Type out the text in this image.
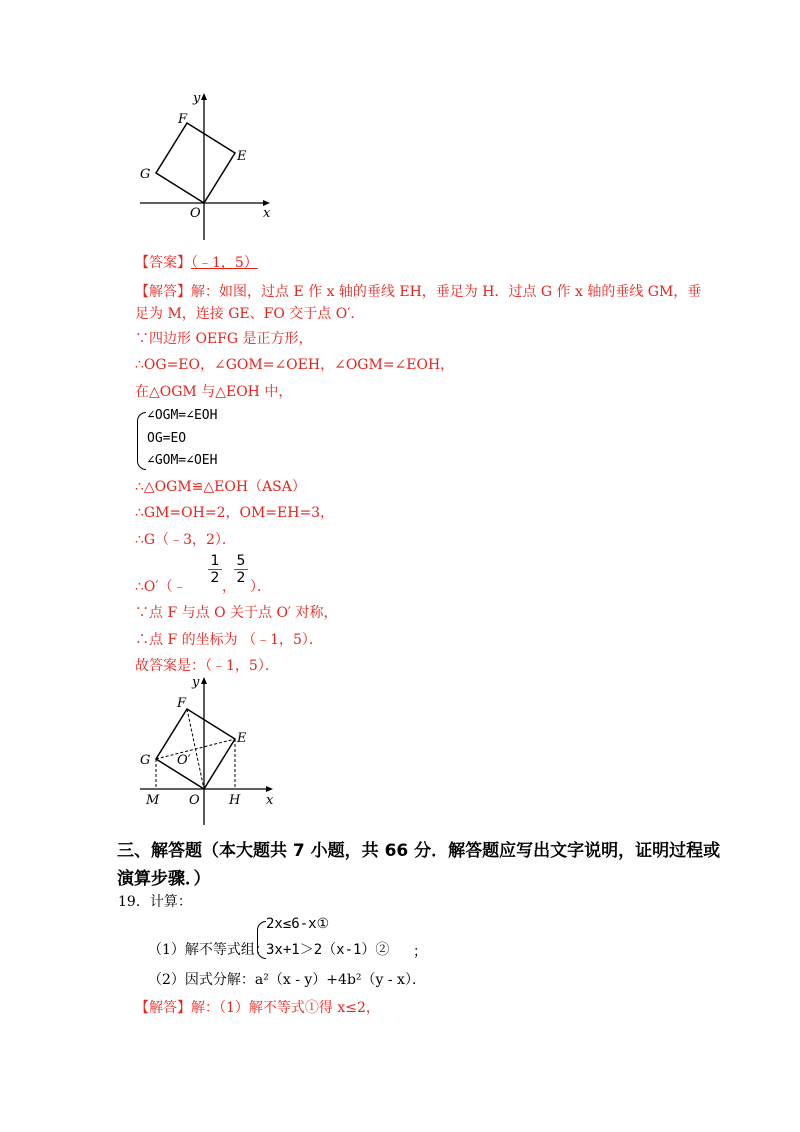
y
F
E
G
O	x
【答案】（﹣1，5）
【解答】解：如图，过点 E 作 x 轴的垂线 EH，垂足为 H．过点 G 作 x 轴的垂线 GM，垂
足为 M，连接 GE、FO 交于点 O′．
∵四边形 OEFG 是正方形，
∴OG=EO，∠GOM=∠OEH，∠OGM=∠EOH，
在△OGM 与△EOH 中，
∠OGM=∠EOH
OG=EO
∠GOM=∠OEH
∴△OGM≌△EOH（ASA）
∴GM=OH=2，OM=EH=3，
∴G（﹣3，2）．
∴O′（﹣
$\frac{1}{2}$
，
$\frac{5}{2}$
）．
∵点 F 与点 O 关于点 O′ 对称，
∴点 F 的坐标为 （﹣1，5）．
故答案是：（﹣1，5）．
y
F
E
G O′
O
M	H x
三、解答题（本大题共 7 小题，共 66 分．解答题应写出文字说明，证明过程或
演算步骤．）
19．计算：
（1）解不等式组：
2x≤6-x①
3x+1＞2（x-1）② ；
（2）因式分解：a²（x - y）+4b²（y - x）．
【解答】解：（1）解不等式①得 x≤2，
